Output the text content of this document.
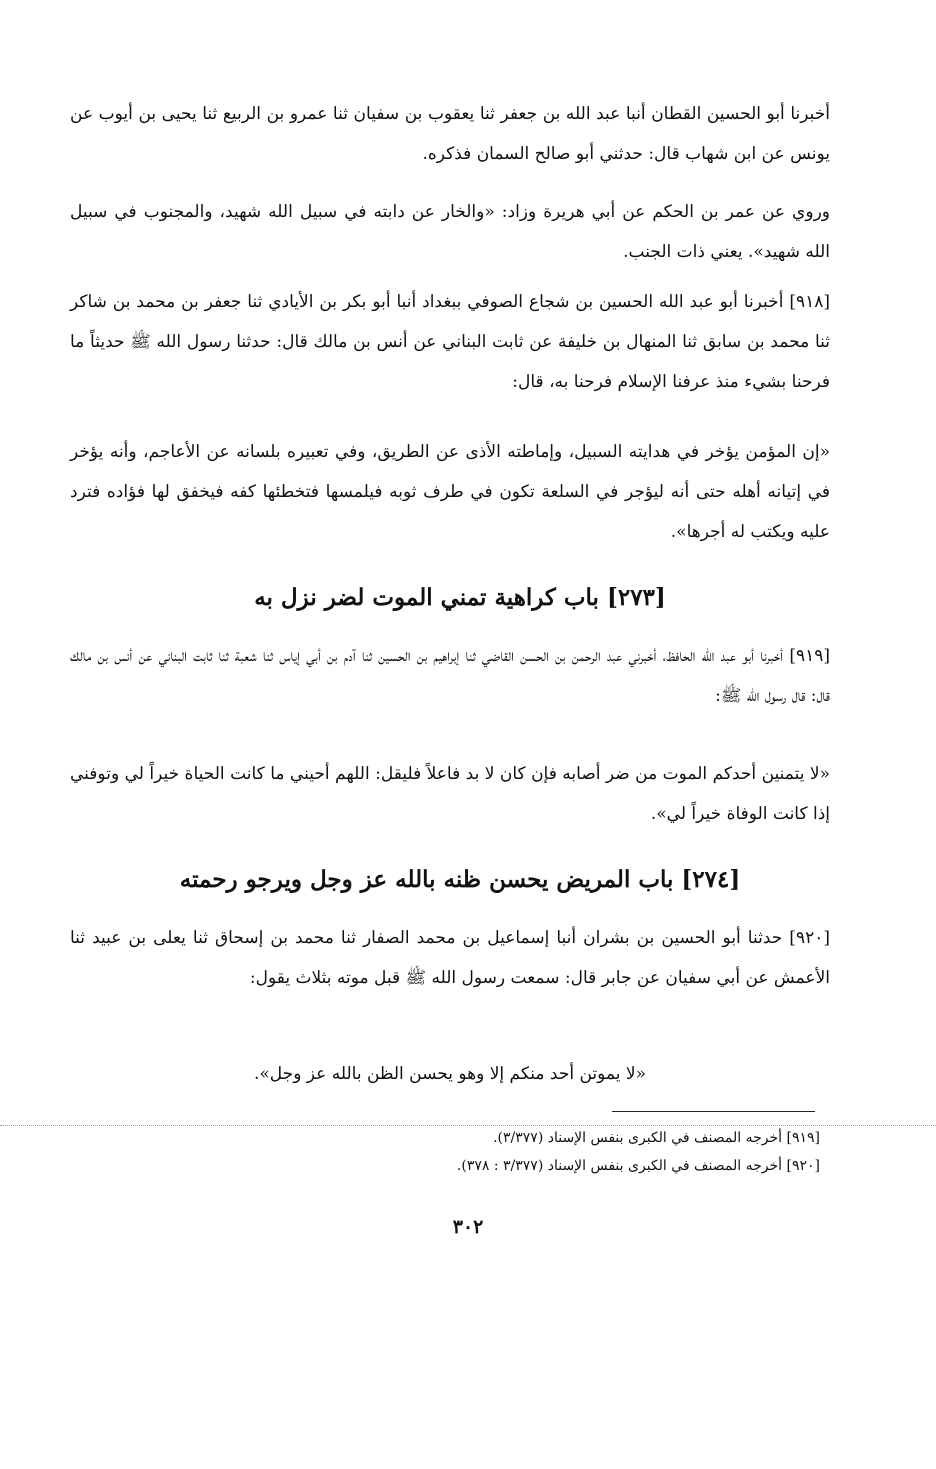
أخبرنا أبو الحسين القطان أنبا عبد الله بن جعفر ثنا يعقوب بن سفيان ثنا عمرو بن الربيع ثنا يحيى بن أيوب عن يونس عن ابن شهاب قال: حدثني أبو صالح السمان فذكره.

وروي عن عمر بن الحكم عن أبي هريرة وزاد: «والخار عن دابته في سبيل الله شهيد، والمجنوب في سبيل الله شهيد». يعني ذات الجنب.

[٩١٨] أخبرنا أبو عبد الله الحسين بن شجاع الصوفي ببغداد أنبا أبو بكر بن الأيادي ثنا جعفر بن محمد بن شاكر ثنا محمد بن سابق ثنا المنهال بن خليفة عن ثابت البناني عن أنس بن مالك قال: حدثنا رسول الله ﷺ حديثاً ما فرحنا بشيء منذ عرفنا الإسلام فرحنا به، قال:

«إن المؤمن يؤخر في هدايته السبيل، وإماطته الأذى عن الطريق، وفي تعبيره بلسانه عن الأعاجم، وأنه يؤخر في إتيانه أهله حتى أنه ليؤجر في السلعة تكون في طرف ثوبه فيلمسها فتخطئها كفه فيخفق لها فؤاده فترد عليه ويكتب له أجرها».

[٢٧٣] باب كراهية تمني الموت لضر نزل به

[٩١٩] أخبرنا أبو عبد الله الحافظ، أخبرني عبد الرحمن بن الحسن القاضي ثنا إبراهيم بن الحسين ثنا آدم بن أبي إياس ثنا شعبة ثنا ثابت البناني عن أنس بن مالك قال: قال رسول الله ﷺ:

«لا يتمنين أحدكم الموت من ضر أصابه فإن كان لا بد فاعلاً فليقل: اللهم أحيني ما كانت الحياة خيراً لي وتوفني إذا كانت الوفاة خيراً لي».

[٢٧٤] باب المريض يحسن ظنه بالله عز وجل ويرجو رحمته

[٩٢٠] حدثنا أبو الحسين بن بشران أنبا إسماعيل بن محمد الصفار ثنا محمد بن إسحاق ثنا يعلى بن عبيد ثنا الأعمش عن أبي سفيان عن جابر قال: سمعت رسول الله ﷺ قبل موته بثلاث يقول:

«لا يموتن أحد منكم إلا وهو يحسن الظن بالله عز وجل».

[٩١٩] أخرجه المصنف في الكبرى بنفس الإسناد (٣/٣٧٧).

[٩٢٠] أخرجه المصنف في الكبرى بنفس الإسناد (٣/٣٧٧ : ٣٧٨).

٣٠٢
